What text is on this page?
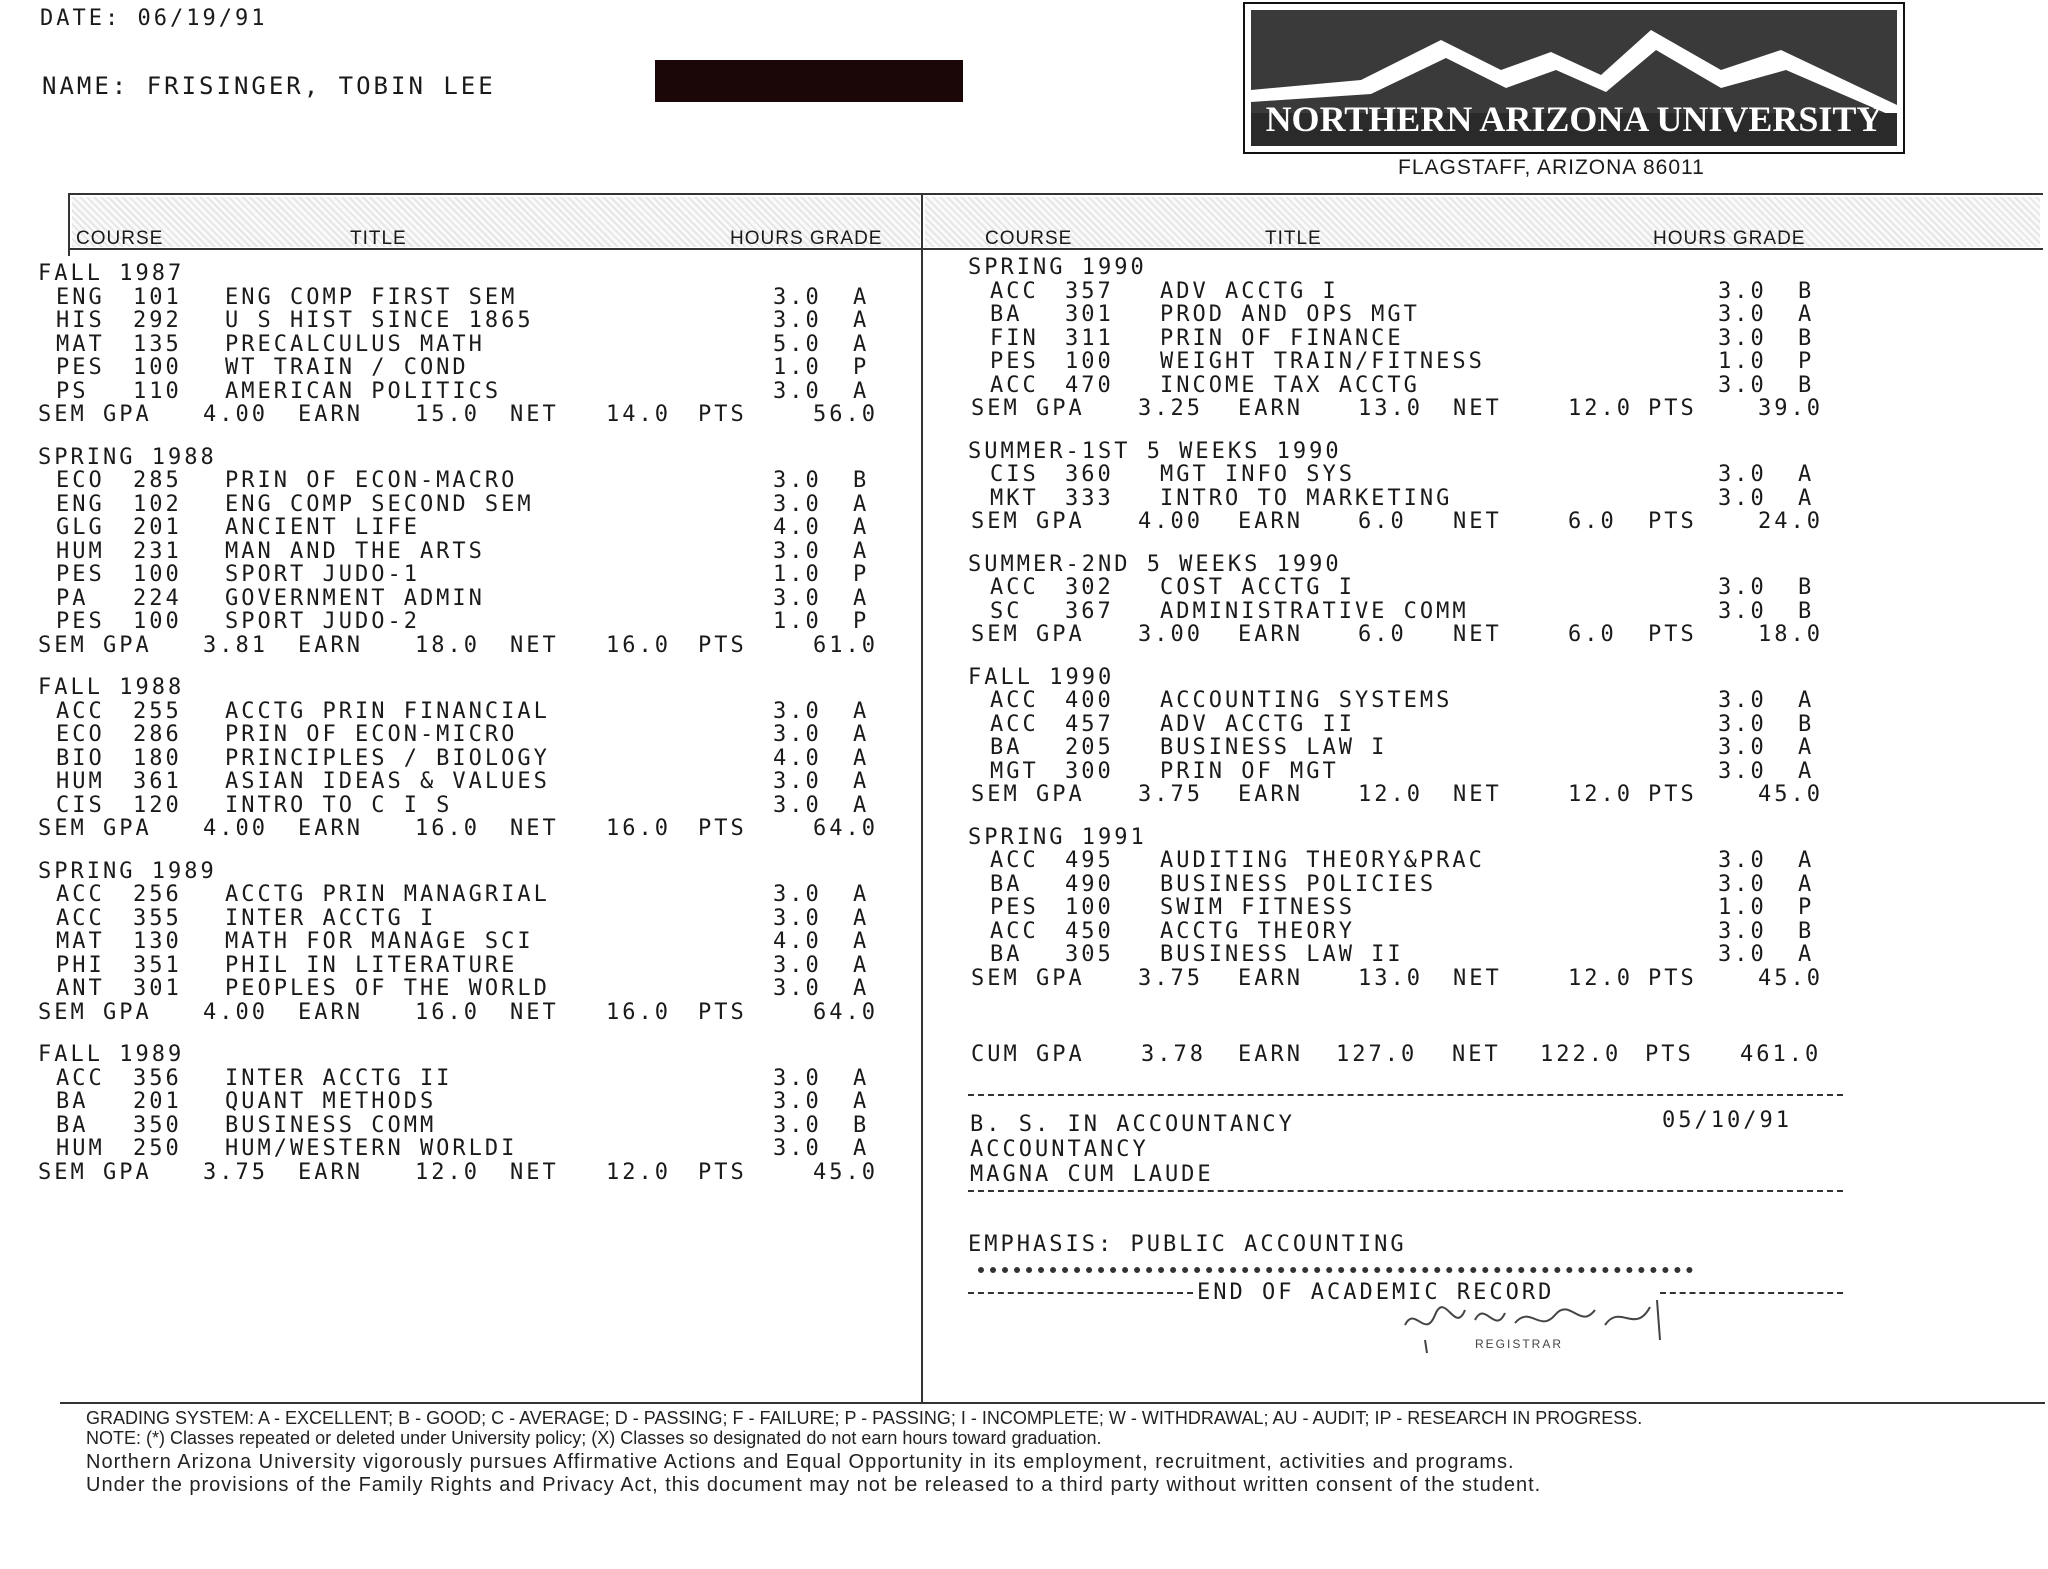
DATE: 06/19/91
NAME: FRISINGER, TOBIN LEE
NORTHERN ARIZONA UNIVERSITY
FLAGSTAFF, ARIZONA 86011
COURSE	TITLE	HOURS GRADE	COURSE	TITLE	HOURS GRADE
FALL 1987
ENG 101 ENG COMP FIRST SEM	3.0 A
HIS 292 U S HIST SINCE 1865	3.0 A
MAT 135 PRECALCULUS MATH	5.0 A
PES 100 WT TRAIN / COND	1.0 P
PS 110 AMERICAN POLITICS	3.0 A
SEM GPA 4.00 EARN 15.0 NET 14.0 PTS	56.0
SPRING 1988
ECO 285 PRIN OF ECON-MACRO	3.0 B
ENG 102 ENG COMP SECOND SEM	3.0 A
GLG 201 ANCIENT LIFE	4.0 A
HUM 231 MAN AND THE ARTS	3.0 A
PES 100 SPORT JUDO-1	1.0 P
PA 224 GOVERNMENT ADMIN	3.0 A
PES 100 SPORT JUDO-2	1.0 P
SEM GPA 3.81 EARN 18.0 NET 16.0 PTS	61.0
FALL 1988
ACC 255 ACCTG PRIN FINANCIAL	3.0 A
ECO 286 PRIN OF ECON-MICRO	3.0 A
BIO 180 PRINCIPLES / BIOLOGY	4.0 A
HUM 361 ASIAN IDEAS & VALUES	3.0 A
CIS 120 INTRO TO C I S	3.0 A
SEM GPA 4.00 EARN 16.0 NET 16.0 PTS	64.0
SPRING 1989
ACC 256 ACCTG PRIN MANAGRIAL	3.0 A
ACC 355 INTER ACCTG I	3.0 A
MAT 130 MATH FOR MANAGE SCI	4.0 A
PHI 351 PHIL IN LITERATURE	3.0 A
ANT 301 PEOPLES OF THE WORLD	3.0 A
SEM GPA 4.00 EARN 16.0 NET 16.0 PTS	64.0
FALL 1989
ACC 356 INTER ACCTG II	3.0 A
BA 201 QUANT METHODS	3.0 A
BA 350 BUSINESS COMM	3.0 B
HUM 250 HUM/WESTERN WORLDI	3.0 A
SEM GPA 3.75 EARN 12.0 NET 12.0 PTS	45.0
SPRING 1990
ACC 357 ADV ACCTG I	3.0 B
BA 301 PROD AND OPS MGT	3.0 A
FIN 311 PRIN OF FINANCE	3.0 B
PES 100 WEIGHT TRAIN/FITNESS	1.0 P
ACC 470 INCOME TAX ACCTG	3.0 B
SEM GPA 3.25 EARN	13.0 NET	12.0 PTS	39.0
SUMMER-1ST 5 WEEKS 1990
CIS 360 MGT INFO SYS	3.0 A
MKT 333 INTRO TO MARKETING	3.0 A
SEM GPA 4.00 EARN	6.0 NET	6.0 PTS	24.0
SUMMER-2ND 5 WEEKS 1990
ACC 302 COST ACCTG I	3.0 B
SC 367 ADMINISTRATIVE COMM	3.0 B
SEM GPA 3.00 EARN	6.0 NET	6.0 PTS	18.0
FALL 1990
ACC 400 ACCOUNTING SYSTEMS	3.0 A
ACC 457 ADV ACCTG II	3.0 B
BA 205 BUSINESS LAW I	3.0 A
MGT 300 PRIN OF MGT	3.0 A
SEM GPA 3.75 EARN	12.0 NET	12.0 PTS	45.0
SPRING 1991
ACC 495 AUDITING THEORY&PRAC	3.0 A
BA 490 BUSINESS POLICIES	3.0 A
PES 100 SWIM FITNESS	1.0 P
ACC 450 ACCTG THEORY	3.0 B
BA 305 BUSINESS LAW II	3.0 A
SEM GPA 3.75 EARN	13.0 NET	12.0 PTS	45.0
CUM GPA	3.78 EARN 127.0 NET 122.0 PTS 461.0
B. S. IN ACCOUNTANCY	05/10/91
ACCOUNTANCY
MAGNA CUM LAUDE
EMPHASIS: PUBLIC ACCOUNTING
END OF ACADEMIC RECORD
REGISTRAR
GRADING SYSTEM: A - EXCELLENT; B - GOOD; C - AVERAGE; D - PASSING; F - FAILURE; P - PASSING; I - INCOMPLETE; W - WITHDRAWAL; AU - AUDIT; IP - RESEARCH IN PROGRESS.
NOTE: (*) Classes repeated or deleted under University policy; (X) Classes so designated do not earn hours toward graduation.
Northern Arizona University vigorously pursues Affirmative Actions and Equal Opportunity in its employment, recruitment, activities and programs.
Under the provisions of the Family Rights and Privacy Act, this document may not be released to a third party without written consent of the student.
